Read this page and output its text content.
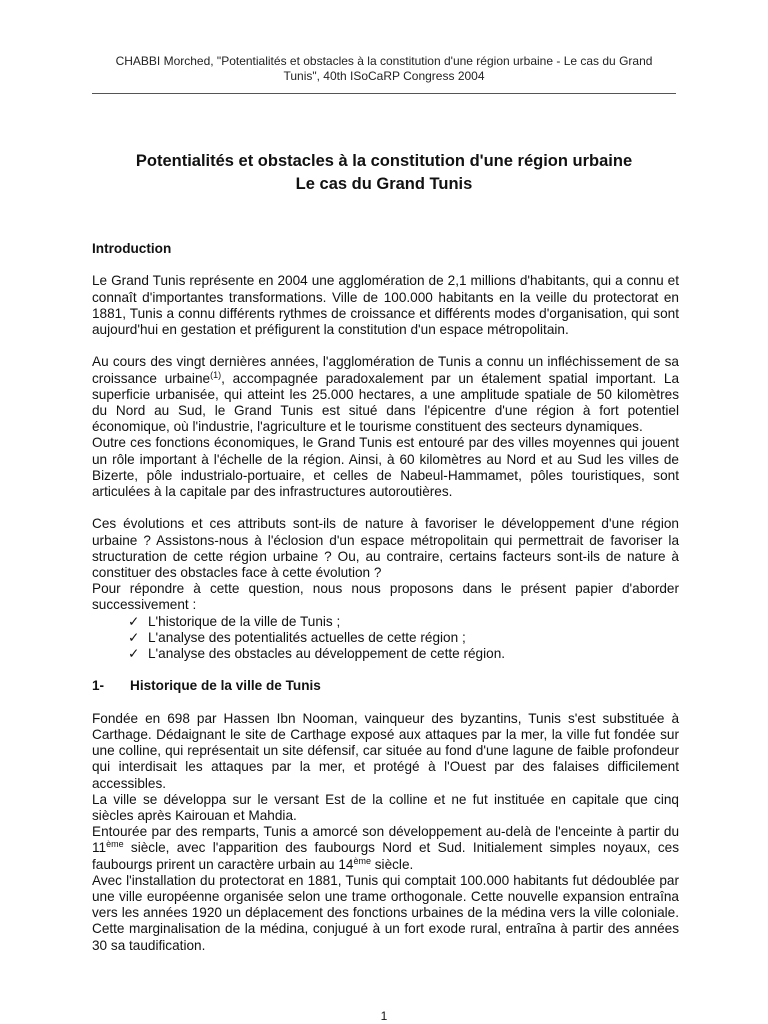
CHABBI Morched, "Potentialités et obstacles à la constitution d'une région urbaine - Le cas du Grand
Tunis", 40th ISoCaRP Congress 2004
Potentialités et obstacles à la constitution d'une région urbaine
Le cas du Grand Tunis

Introduction

Le Grand Tunis représente en 2004 une agglomération de 2,1 millions d'habitants, qui a connu et connaît d'importantes transformations. Ville de 100.000 habitants en la veille du protectorat en 1881, Tunis a connu différents rythmes de croissance et différents modes d'organisation, qui sont aujourd'hui en gestation et préfigurent la constitution d'un espace métropolitain.

Au cours des vingt dernières années, l'agglomération de Tunis a connu un infléchissement de sa croissance urbaine$^{(1)}$, accompagnée paradoxalement par un étalement spatial important. La superficie urbanisée, qui atteint les 25.000 hectares, a une amplitude spatiale de 50 kilomètres du Nord au Sud, le Grand Tunis est situé dans l'épicentre d'une région à fort potentiel économique, où l'industrie, l'agriculture et le tourisme constituent des secteurs dynamiques.

Outre ces fonctions économiques, le Grand Tunis est entouré par des villes moyennes qui jouent un rôle important à l'échelle de la région. Ainsi, à 60 kilomètres au Nord et au Sud les villes de Bizerte, pôle industrialo-portuaire, et celles de Nabeul-Hammamet, pôles touristiques, sont articulées à la capitale par des infrastructures autoroutières.

Ces évolutions et ces attributs sont-ils de nature à favoriser le développement d'une région urbaine ? Assistons-nous à l'éclosion d'un espace métropolitain qui permettrait de favoriser la structuration de cette région urbaine ? Ou, au contraire, certains facteurs sont-ils de nature à constituer des obstacles face à cette évolution ?

Pour répondre à cette question, nous nous proposons dans le présent papier d'aborder successivement :

✓ L'historique de la ville de Tunis ;
✓ L'analyse des potentialités actuelles de cette région ;
✓ L'analyse des obstacles au développement de cette région.
1-	Historique de la ville de Tunis

Fondée en 698 par Hassen Ibn Nooman, vainqueur des byzantins, Tunis s'est substituée à Carthage. Dédaignant le site de Carthage exposé aux attaques par la mer, la ville fut fondée sur une colline, qui représentait un site défensif, car située au fond d'une lagune de faible profondeur qui interdisait les attaques par la mer, et protégé à l'Ouest par des falaises difficilement accessibles.

La ville se développa sur le versant Est de la colline et ne fut instituée en capitale que cinq siècles après Kairouan et Mahdia.

Entourée par des remparts, Tunis a amorcé son développement au-delà de l'enceinte à partir du 11ème siècle, avec l'apparition des faubourgs Nord et Sud. Initialement simples noyaux, ces faubourgs prirent un caractère urbain au 14ème siècle.

Avec l'installation du protectorat en 1881, Tunis qui comptait 100.000 habitants fut dédoublée par une ville européenne organisée selon une trame orthogonale. Cette nouvelle expansion entraîna vers les années 1920 un déplacement des fonctions urbaines de la médina vers la ville coloniale. Cette marginalisation de la médina, conjugué à un fort exode rural, entraîna à partir des années 30 sa taudification.

1
